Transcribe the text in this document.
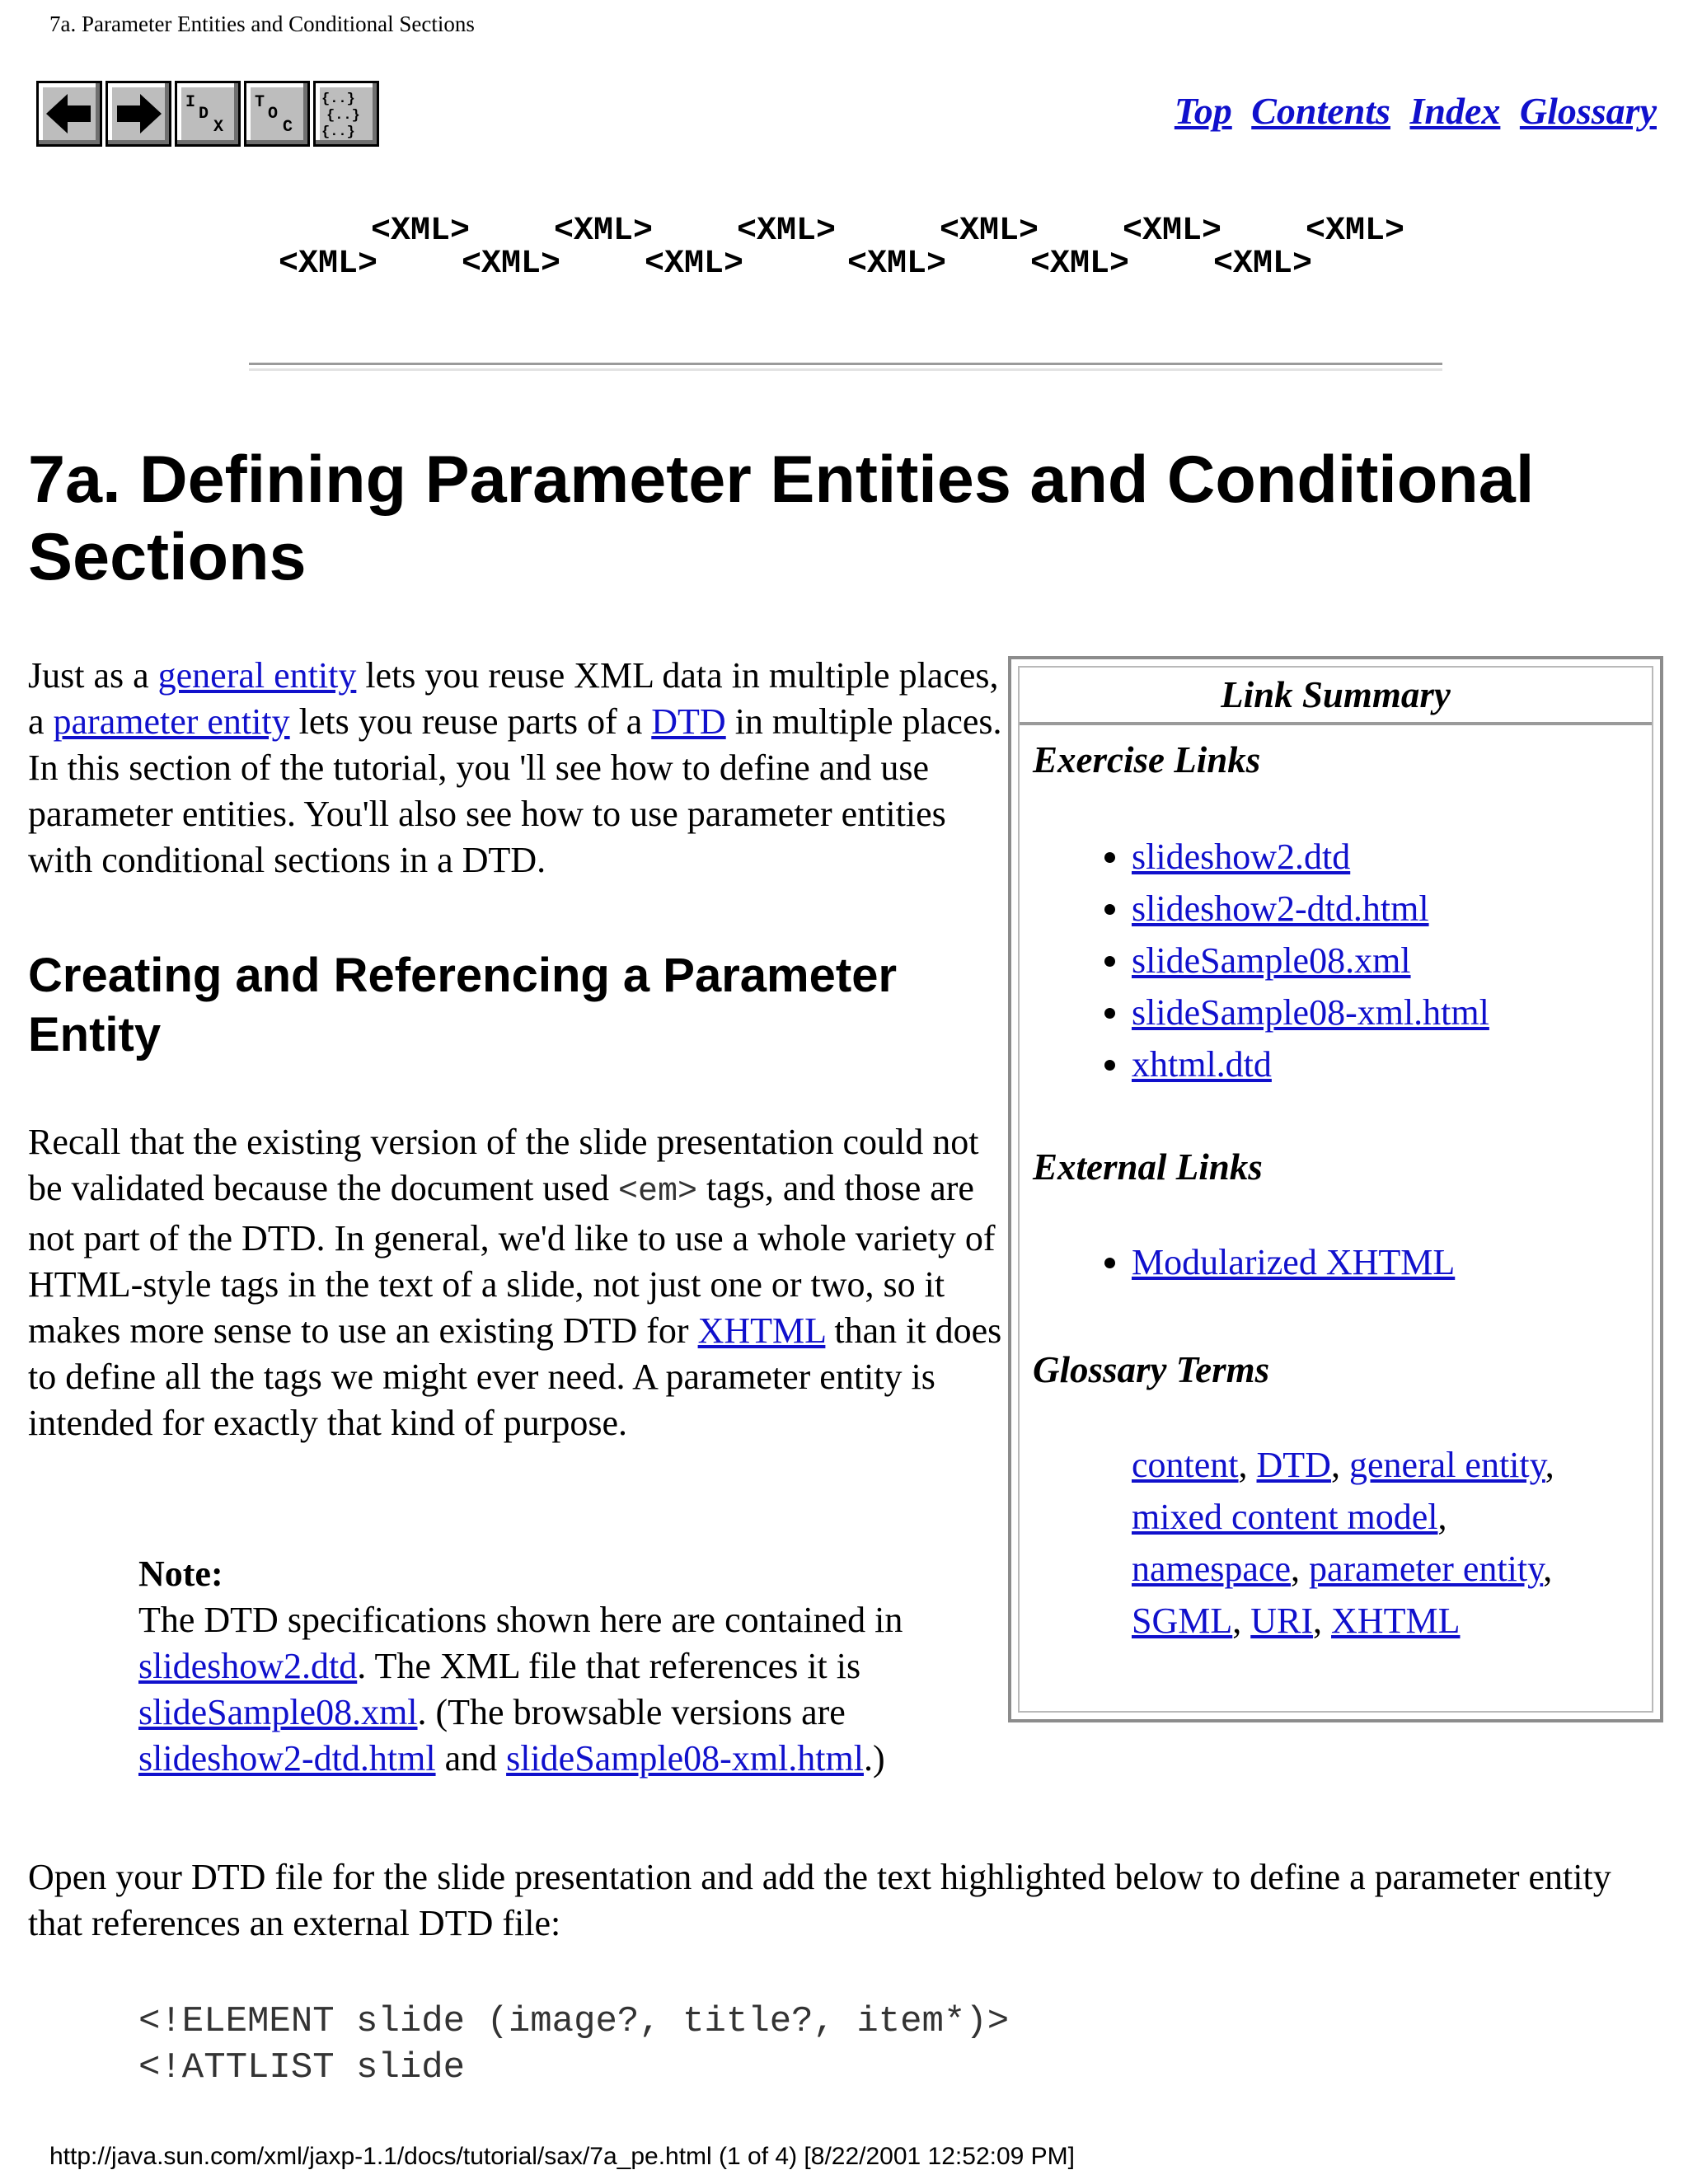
7a. Parameter Entities and Conditional Sections
I
D
X
T
O
C
{..}
{..}
{..}
Top Contents Index Glossary
<XML>
<XML>
<XML>
<XML>
<XML>
<XML>
<XML>
<XML>
<XML>
<XML>
<XML>
<XML>
7a. Defining Parameter Entities and Conditional Sections

Just as a general entity lets you reuse XML data in multiple places, a parameter entity lets you reuse parts of a DTD in multiple places. In this section of the tutorial, you 'll see how to define and use parameter entities. You'll also see how to use parameter entities with conditional sections in a DTD.

Creating and Referencing a Parameter Entity

Recall that the existing version of the slide presentation could not be validated because the document used <em> tags, and those are not part of the DTD. In general, we'd like to use a whole variety of HTML-style tags in the text of a slide, not just one or two, so it makes more sense to use an existing DTD for XHTML than it does to define all the tags we might ever need. A parameter entity is intended for exactly that kind of purpose.

Note:
The DTD specifications shown here are contained in slideshow2.dtd. The XML file that references it is slideSample08.xml. (The browsable versions are slideshow2-dtd.html and slideSample08-xml.html.)
Link Summary
Exercise Links
• slideshow2.dtd
• slideshow2-dtd.html
• slideSample08.xml
• slideSample08-xml.html
• xhtml.dtd
External Links
• Modularized XHTML
Glossary Terms
content, DTD, general entity, mixed content model, namespace, parameter entity, SGML, URI, XHTML

Open your DTD file for the slide presentation and add the text highlighted below to define a parameter entity that references an external DTD file:

<!ELEMENT slide (image?, title?, item*)>
<!ATTLIST slide
http://java.sun.com/xml/jaxp-1.1/docs/tutorial/sax/7a_pe.html (1 of 4) [8/22/2001 12:52:09 PM]
